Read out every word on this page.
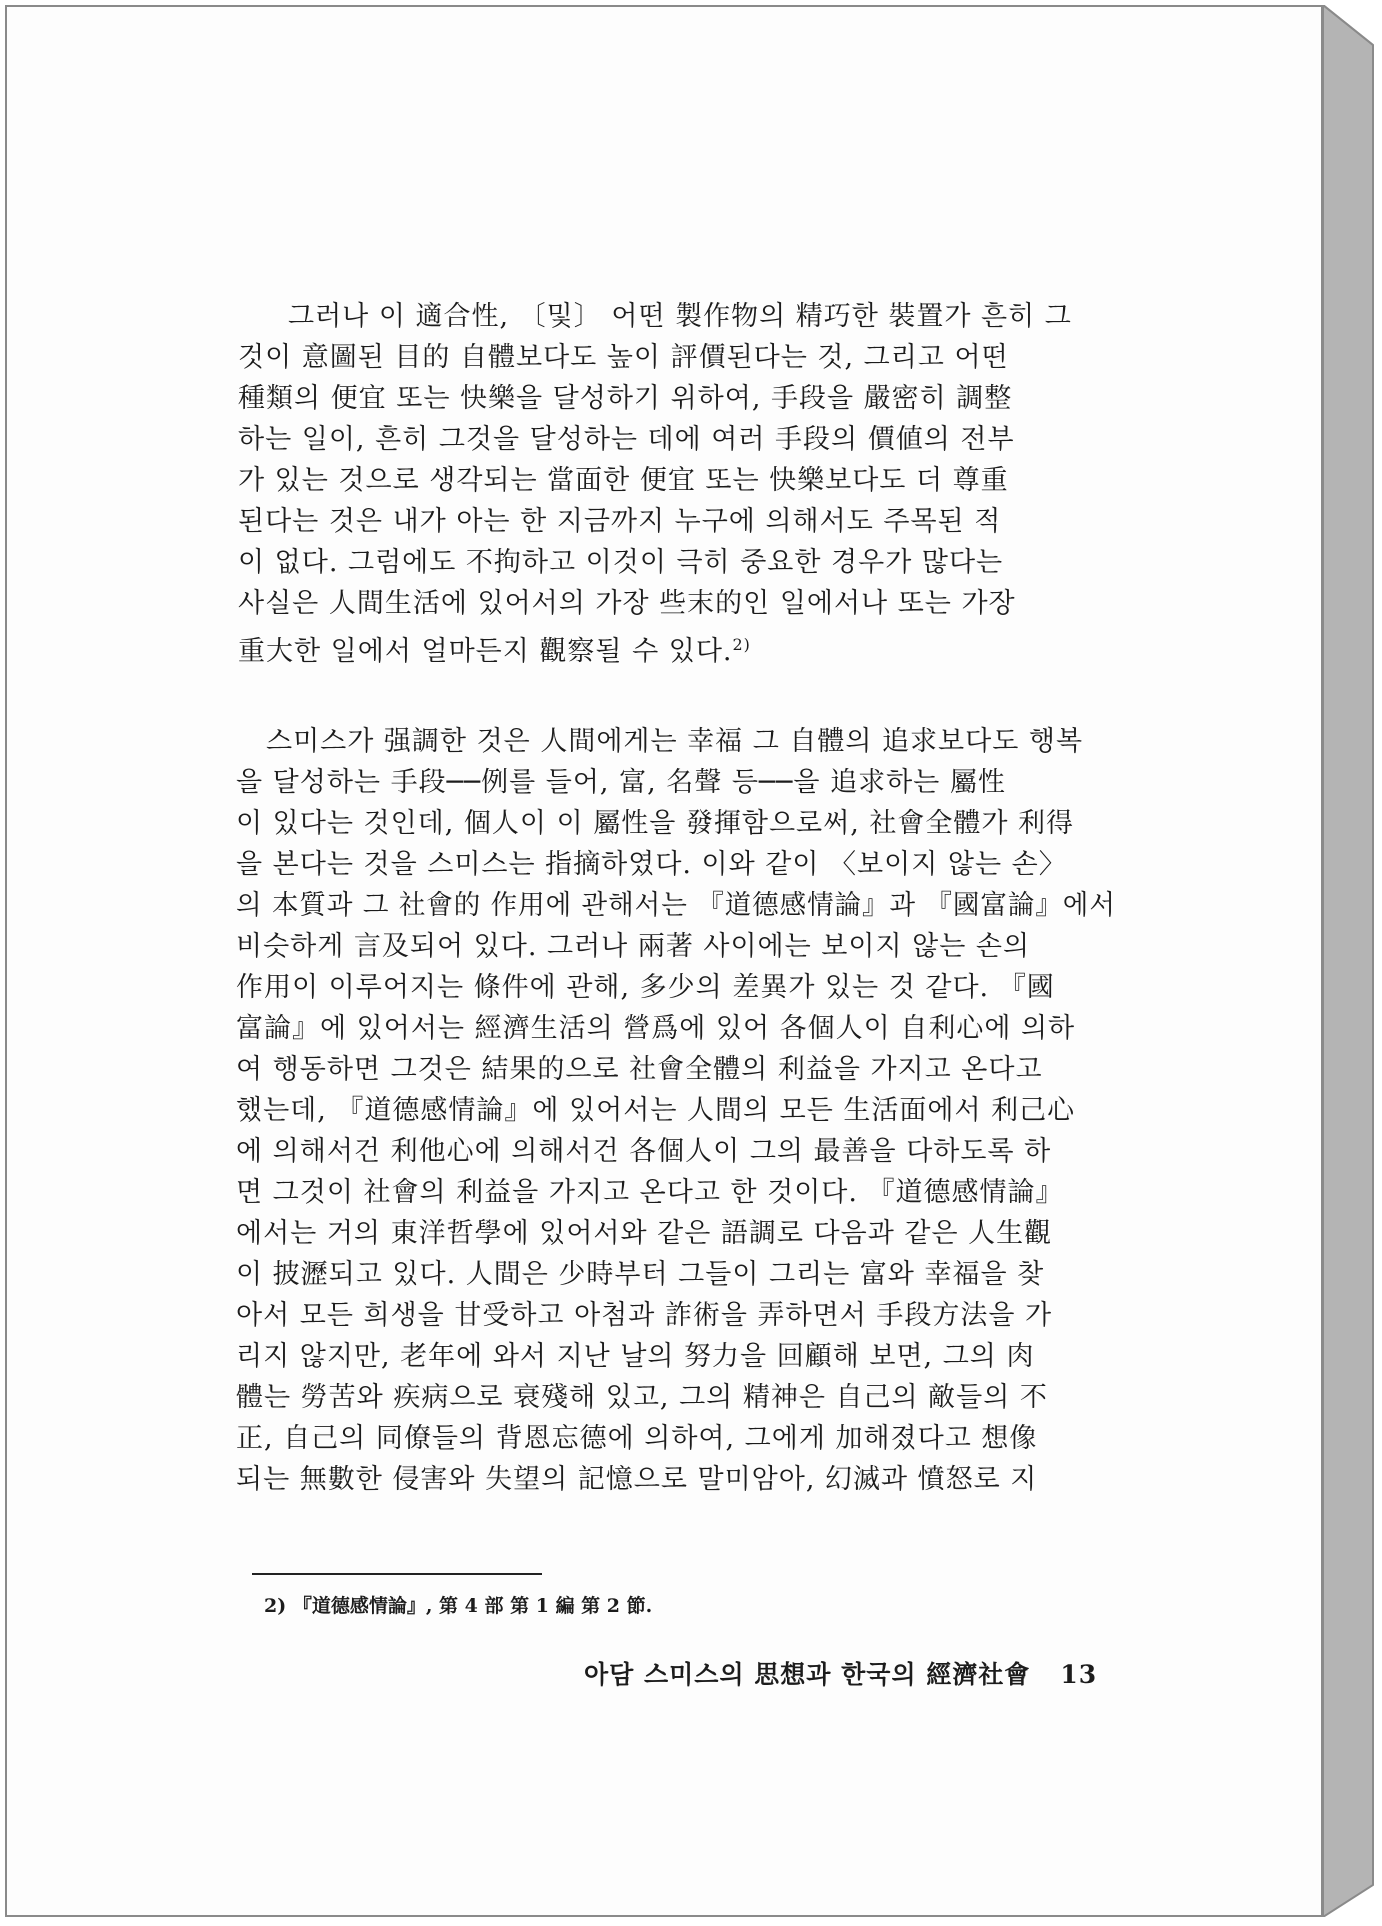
그러나 이 適合性, 〔및〕 어떤 製作物의 精巧한 裝置가 흔히 그
것이 意圖된 目的 自體보다도 높이 評價된다는 것, 그리고 어떤
種類의 便宜 또는 快樂을 달성하기 위하여, 手段을 嚴密히 調整
하는 일이, 흔히 그것을 달성하는 데에 여러 手段의 價値의 전부
가 있는 것으로 생각되는 當面한 便宜 또는 快樂보다도 더 尊重
된다는 것은 내가 아는 한 지금까지 누구에 의해서도 주목된 적
이 없다. 그럼에도 不拘하고 이것이 극히 중요한 경우가 많다는
사실은 人間生活에 있어서의 가장 些末的인 일에서나 또는 가장
重大한 일에서 얼마든지 觀察될 수 있다.$^{2)}$
스미스가 强調한 것은 人間에게는 幸福 그 自體의 追求보다도 행복
을 달성하는 手段──例를 들어, 富, 名聲 등──을 追求하는 屬性
이 있다는 것인데, 個人이 이 屬性을 發揮함으로써, 社會全體가 利得
을 본다는 것을 스미스는 指摘하였다. 이와 같이 〈보이지 않는 손〉
의 本質과 그 社會的 作用에 관해서는 『道德感情論』과 『國富論』에서
비슷하게 言及되어 있다. 그러나 兩著 사이에는 보이지 않는 손의
作用이 이루어지는 條件에 관해, 多少의 差異가 있는 것 같다. 『國
富論』에 있어서는 經濟生活의 營爲에 있어 各個人이 自利心에 의하
여 행동하면 그것은 結果的으로 社會全體의 利益을 가지고 온다고
했는데, 『道德感情論』에 있어서는 人間의 모든 生活面에서 利己心
에 의해서건 利他心에 의해서건 各個人이 그의 最善을 다하도록 하
면 그것이 社會의 利益을 가지고 온다고 한 것이다. 『道德感情論』
에서는 거의 東洋哲學에 있어서와 같은 語調로 다음과 같은 人生觀
이 披瀝되고 있다. 人間은 少時부터 그들이 그리는 富와 幸福을 찾
아서 모든 희생을 甘受하고 아첨과 詐術을 弄하면서 手段方法을 가
리지 않지만, 老年에 와서 지난 날의 努力을 回顧해 보면, 그의 肉
體는 勞苦와 疾病으로 衰殘해 있고, 그의 精神은 自己의 敵들의 不
正, 自己의 同僚들의 背恩忘德에 의하여, 그에게 加해졌다고 想像
되는 無數한 侵害와 失望의 記憶으로 말미암아, 幻滅과 憤怒로 지
2) 『道德感情論』, 第 4 部 第 1 編 第 2 節.
아담 스미스의 思想과 한국의 經濟社會 13
